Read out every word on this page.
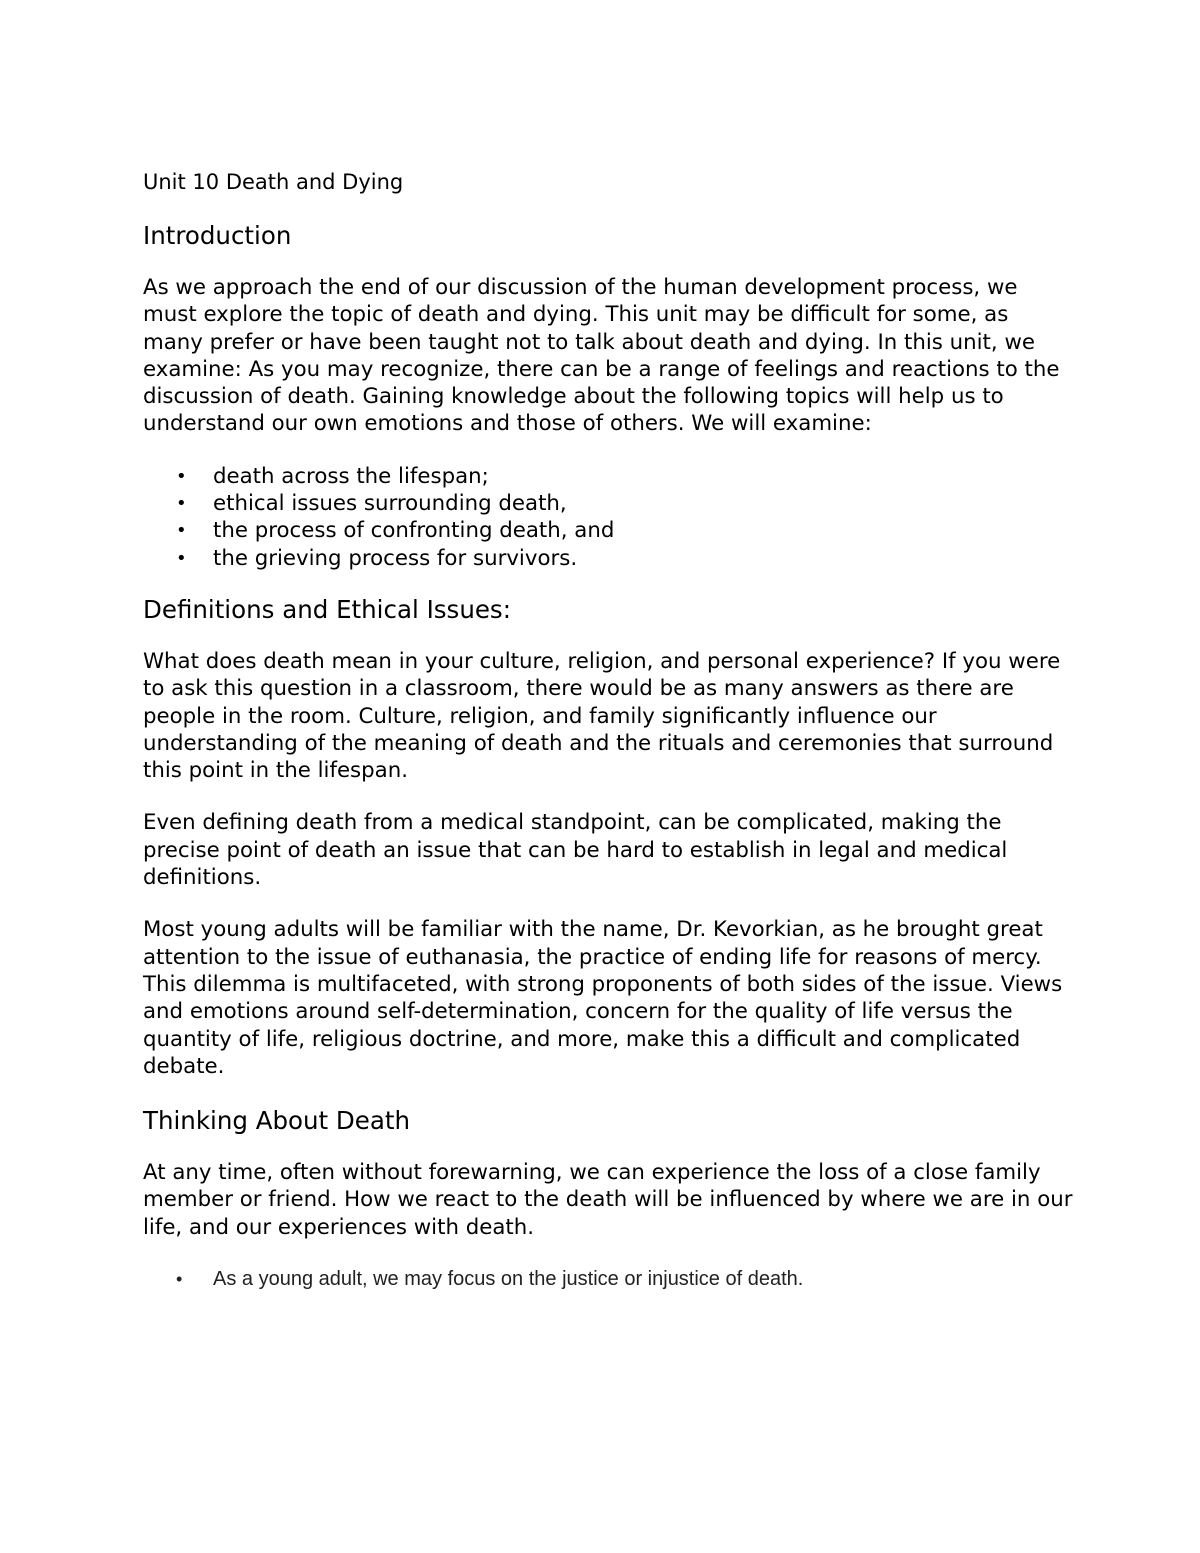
Unit 10 Death and Dying
Introduction

As we approach the end of our discussion of the human development process, we must explore the topic of death and dying. This unit may be difficult for some, as many prefer or have been taught not to talk about death and dying. In this unit, we examine: As you may recognize, there can be a range of feelings and reactions to the discussion of death. Gaining knowledge about the following topics will help us to understand our own emotions and those of others. We will examine:

• death across the lifespan;
• ethical issues surrounding death,
• the process of confronting death, and
• the grieving process for survivors.
Definitions and Ethical Issues:

What does death mean in your culture, religion, and personal experience? If you were to ask this question in a classroom, there would be as many answers as there are people in the room. Culture, religion, and family significantly influence our understanding of the meaning of death and the rituals and ceremonies that surround this point in the lifespan.

Even defining death from a medical standpoint, can be complicated, making the precise point of death an issue that can be hard to establish in legal and medical definitions.

Most young adults will be familiar with the name, Dr. Kevorkian, as he brought great attention to the issue of euthanasia, the practice of ending life for reasons of mercy. This dilemma is multifaceted, with strong proponents of both sides of the issue. Views and emotions around self-determination, concern for the quality of life versus the quantity of life, religious doctrine, and more, make this a difficult and complicated debate.

Thinking About Death

At any time, often without forewarning, we can experience the loss of a close family member or friend. How we react to the death will be influenced by where we are in our life, and our experiences with death.

• As a young adult, we may focus on the justice or injustice of death.
